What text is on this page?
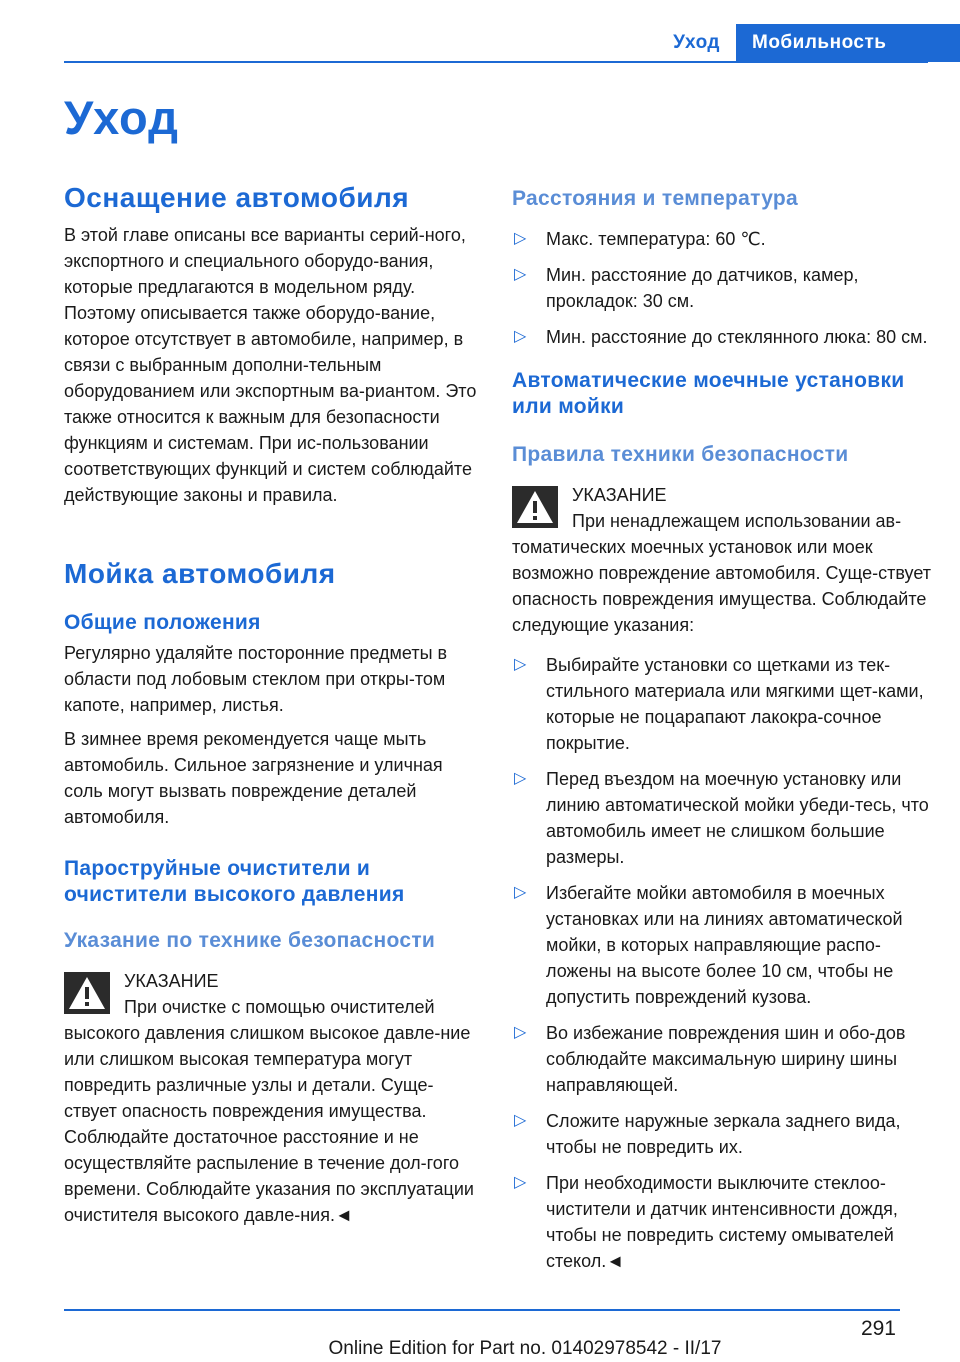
Уход	Мобильность
Уход
Оснащение автомобиля

В этой главе описаны все варианты серий-ного, экспортного и специального оборудо-вания, которые предлагаются в модельном ряду. Поэтому описывается также оборудо-вание, которое отсутствует в автомобиле, например, в связи с выбранным дополни-тельным оборудованием или экспортным ва-риантом. Это также относится к важным для безопасности функциям и системам. При ис-пользовании соответствующих функций и систем соблюдайте действующие законы и правила.

Мойка автомобиля
Общие положения

Регулярно удаляйте посторонние предметы в области под лобовым стеклом при откры-том капоте, например, листья.

В зимнее время рекомендуется чаще мыть автомобиль. Сильное загрязнение и уличная соль могут вызвать повреждение деталей автомобиля.

Пароструйные очистители и очистители высокого давления
Указание по технике безопасности

УКАЗАНИЕ

При очистке с помощью очистителей

высокого давления слишком высокое давле-ние или слишком высокая температура могут повредить различные узлы и детали. Суще-ствует опасность повреждения имущества. Соблюдайте достаточное расстояние и не осуществляйте распыление в течение дол-гого времени. Соблюдайте указания по эксплуатации очистителя высокого давле-ния.◄

Расстояния и температура
▷ Макс. температура: 60 ℃.
▷ Мин. расстояние до датчиков, камер, прокладок: 30 см.
▷ Мин. расстояние до стеклянного люка: 80 см.
Автоматические моечные установки или мойки
Правила техники безопасности

УКАЗАНИЕ

При ненадлежащем использовании ав-

томатических моечных установок или моек возможно повреждение автомобиля. Суще-ствует опасность повреждения имущества. Соблюдайте следующие указания:

▷ Выбирайте установки со щетками из тек-стильного материала или мягкими щет-ками, которые не поцарапают лакокра-сочное покрытие.
▷ Перед въездом на моечную установку или линию автоматической мойки убеди-тесь, что автомобиль имеет не слишком большие размеры.
▷ Избегайте мойки автомобиля в моечных установках или на линиях автоматической мойки, в которых направляющие распо-ложены на высоте более 10 см, чтобы не допустить повреждений кузова.
▷ Во избежание повреждения шин и обо-дов соблюдайте максимальную ширину шины направляющей.
▷ Сложите наружные зеркала заднего вида, чтобы не повредить их.
▷ При необходимости выключите стеклоо-чистители и датчик интенсивности дождя, чтобы не повредить систему омывателей стекол.◄
291
Online Edition for Part no. 01402978542 - II/17
